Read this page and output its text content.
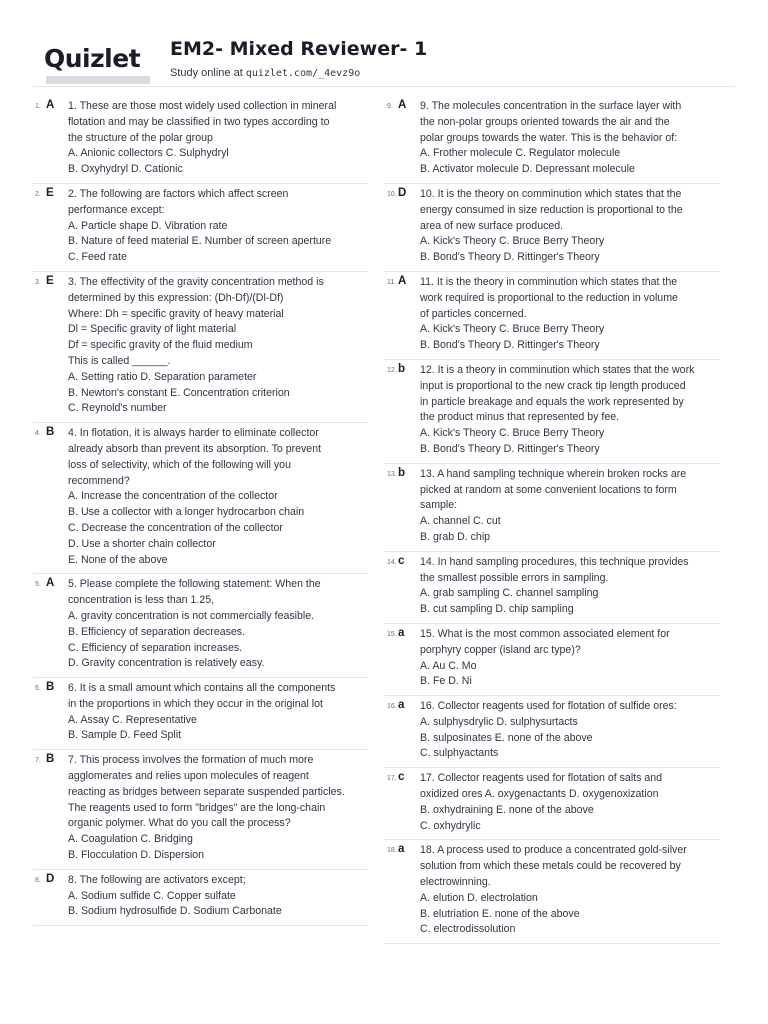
Quizlet EM2- Mixed Reviewer- 1
Study online at quizlet.com/_4evz9o
1. A 1. These are those most widely used collection in mineral
flotation and may be classified in two types according to
the structure of the polar group
A. Anionic collectors C. Sulphydryl
B. Oxyhydryl D. Cationic
2. E 2. The following are factors which affect screen
performance except:
A. Particle shape D. Vibration rate
B. Nature of feed material E. Number of screen aperture
C. Feed rate
3. E 3. The effectivity of the gravity concentration method is
determined by this expression: (Dh-Df)/(Dl-Df)
Where: Dh = specific gravity of heavy material
Dl = Specific gravity of light material
Df = specific gravity of the fluid medium
This is called ______.
A. Setting ratio D. Separation parameter
B. Newton's constant E. Concentration criterion
C. Reynold's number
4. B 4. In flotation, it is always harder to eliminate collector
already absorb than prevent its absorption. To prevent
loss of selectivity, which of the following will you
recommend?
A. Increase the concentration of the collector
B. Use a collector with a longer hydrocarbon chain
C. Decrease the concentration of the collector
D. Use a shorter chain collector
E. None of the above
5. A 5. Please complete the following statement: When the
concentration is less than 1.25,
A. gravity concentration is not commercially feasible.
B. Efficiency of separation decreases.
C. Efficiency of separation increases.
D. Gravity concentration is relatively easy.
6. B 6. It is a small amount which contains all the components
in the proportions in which they occur in the original lot
A. Assay C. Representative
B. Sample D. Feed Split
7. B 7. This process involves the formation of much more
agglomerates and relies upon molecules of reagent
reacting as bridges between separate suspended particles.
The reagents used to form "bridges" are the long-chain
organic polymer. What do you call the process?
A. Coagulation C. Bridging
B. Flocculation D. Dispersion
8. D 8. The following are activators except;
A. Sodium sulfide C. Copper sulfate
B. Sodium hydrosulfide D. Sodium Carbonate
9. A 9. The molecules concentration in the surface layer with
the non-polar groups oriented towards the air and the
polar groups towards the water. This is the behavior of:
A. Frother molecule C. Regulator molecule
B. Activator molecule D. Depressant molecule
10. D 10. It is the theory on comminution which states that the
energy consumed in size reduction is proportional to the
area of new surface produced.
A. Kick's Theory C. Bruce Berry Theory
B. Bond's Theory D. Rittinger's Theory
11. A 11. It is the theory in comminution which states that the
work required is proportional to the reduction in volume
of particles concerned.
A. Kick's Theory C. Bruce Berry Theory
B. Bond's Theory D. Rittinger's Theory
12. b 12. It is a theory in comminution which states that the work
input is proportional to the new crack tip length produced
in particle breakage and equals the work represented by
the product minus that represented by fee.
A. Kick's Theory C. Bruce Berry Theory
B. Bond's Theory D. Rittinger's Theory
13. b 13. A hand sampling technique wherein broken rocks are
picked at random at some convenient locations to form
sample:
A. channel C. cut
B. grab D. chip
14. c 14. In hand sampling procedures, this technique provides
the smallest possible errors in sampling.
A. grab sampling C. channel sampling
B. cut sampling D. chip sampling
15. a 15. What is the most common associated element for
porphyry copper (island arc type)?
A. Au C. Mo
B. Fe D. Ni
16. a 16. Collector reagents used for flotation of sulfide ores:
A. sulphysdrylic D. sulphysurtacts
B. sulposinates E. none of the above
C. sulphyactants
17. c 17. Collector reagents used for flotation of salts and
oxidized ores A. oxygenactants D. oxygenoxization
B. oxhydraining E. none of the above
C. oxhydrylic
18. a 18. A process used to produce a concentrated gold-silver
solution from which these metals could be recovered by
electrowinning.
A. elution D. electrolation
B. elutriation E. none of the above
C. electrodissolution
